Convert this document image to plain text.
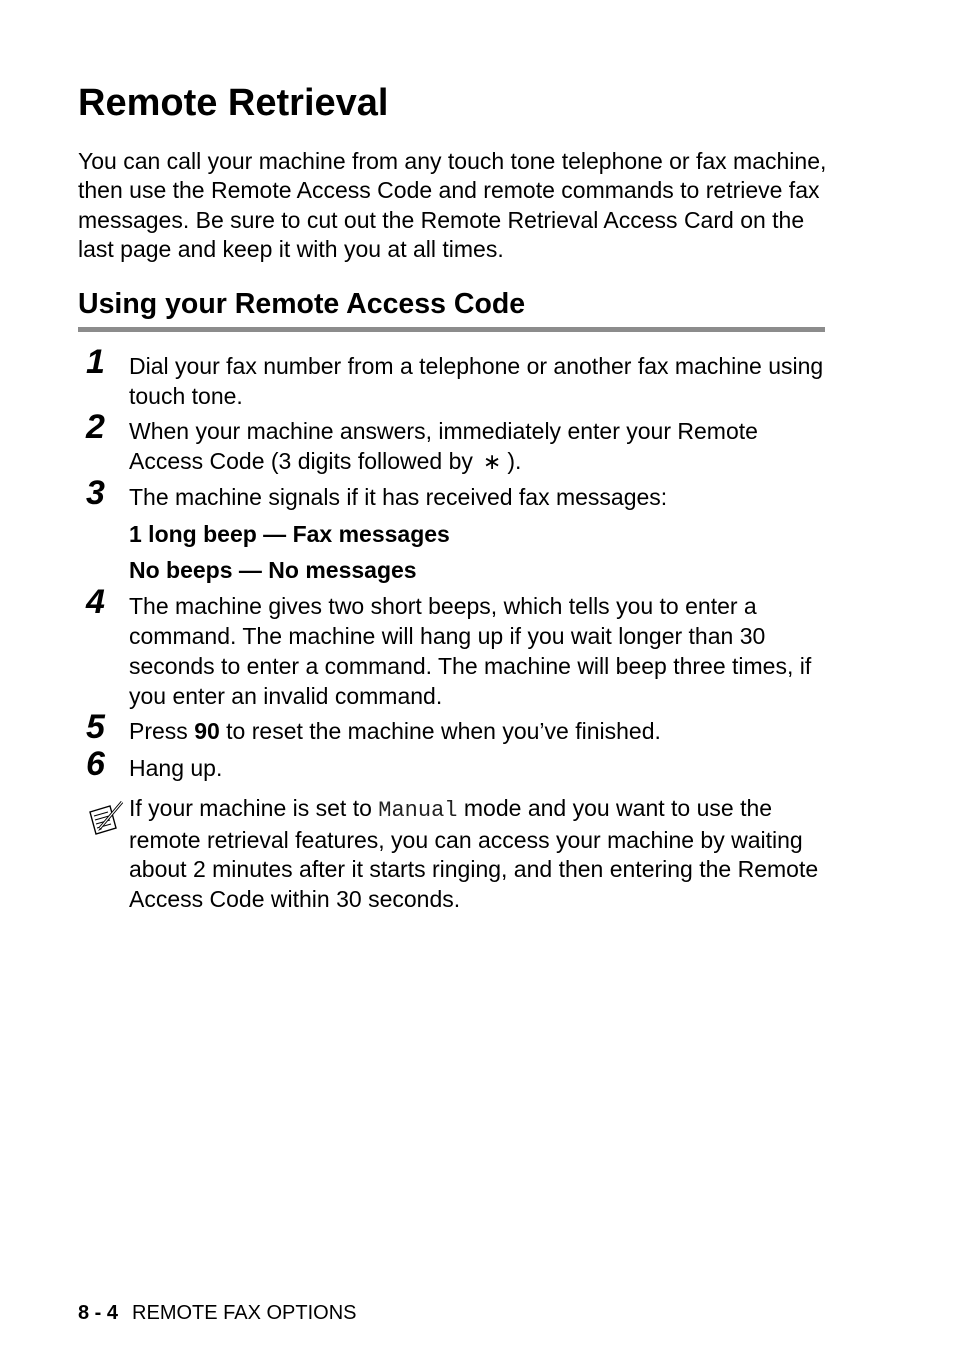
Remote Retrieval

You can call your machine from any touch tone telephone or fax machine, then use the Remote Access Code and remote commands to retrieve fax messages. Be sure to cut out the Remote Retrieval Access Card on the last page and keep it with you at all times.

Using your Remote Access Code
1 Dial your fax number from a telephone or another fax machine using touch tone.

2 When your machine answers, immediately enter your Remote Access Code (3 digits followed by ∗ ).

3 The machine signals if it has received fax messages:

1 long beep — Fax messages

No beeps — No messages

4 The machine gives two short beeps, which tells you to enter a command. The machine will hang up if you wait longer than 30 seconds to enter a command. The machine will beep three times, if you enter an invalid command.

5 Press 90 to reset the machine when you’ve finished.

6 Hang up.

If your machine is set to Manual mode and you want to use the remote retrieval features, you can access your machine by waiting about 2 minutes after it starts ringing, and then entering the Remote Access Code within 30 seconds.

8 - 4 REMOTE FAX OPTIONS
